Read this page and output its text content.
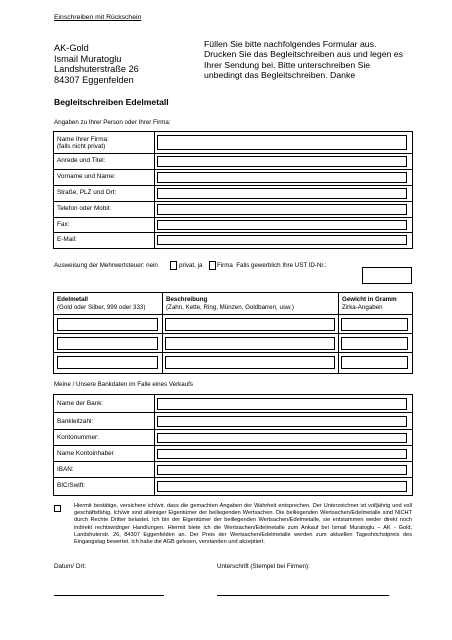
Einschreiben mit Rückschein
AK-Gold
Ismail Muratoglu
Landshuterstraße 26
84307 Eggenfelden
Füllen Sie bitte nachfolgendes Formular aus.
Drucken Sie das Begleitschreiben aus und legen es
Ihrer Sendung bei. Bitte unterschreiben Sie
unbedingt das Begleitschreiben. Danke
Begleitschreiben Edelmetall
Angaben zu Ihrer Person oder Ihrer Firma:
Name Ihrer Firma:
(falls nicht privat)
Anrede und Titel:
Vorname und Name:
Straße, PLZ und Ort:
Telefon oder Mobil:
Fax:
E-Mail:
Ausweisung der Mehrwertsteuer: nein	privat, ja Firma Falls gewerblich Ihre UST ID-Nr.:
Edelmetall
(Gold oder Silber, 999 oder 333)
Beschreibung
(Zahn, Kette, Ring, Münzen, Goldbarren, usw.)
Gewicht in Gramm
Zirka-Angaben
Meine / Unsere Bankdaten im Falle eines Verkaufs
Name der Bank:
Bankleitzahl:
Kontonummer:
Name Kontoinhaber
IBAN:
BIC/Swift:
Hiermit bestätige, versichere ich/wir, dass die gemachten Angaben der Wahrheit entsprechen. Der Unterzeichner ist volljährig und voll geschäftsfähig. Ich/wir sind alleiniger Eigentümer der beiliegenden Wertsachen. Die beiliegenden Wertsachen/Edelmetalle sind NICHT durch Rechte Dritter belastet. Ich bin der Eigentümer der beiliegenden Wertsachen/Edelmetalle, sie entstammen weder direkt noch indirekt rechtswidriger Handlungen. Hiermit biete ich die Wertsachen/Edelmetalle zum Ankauf bei Ismail Muratoglu – AK - Gold, Landshuterstr. 26, 84307 Eggenfelden an. Der Preis der Wertsachen/Edelmetalle werden zum aktuellen Tageshöchstpreis des Eingangstag bewertet. Ich habe die AGB gelesen, verstanden und akzeptiert.
Datum/ Ort:	Unterschrift (Stempel bei Firmen):
